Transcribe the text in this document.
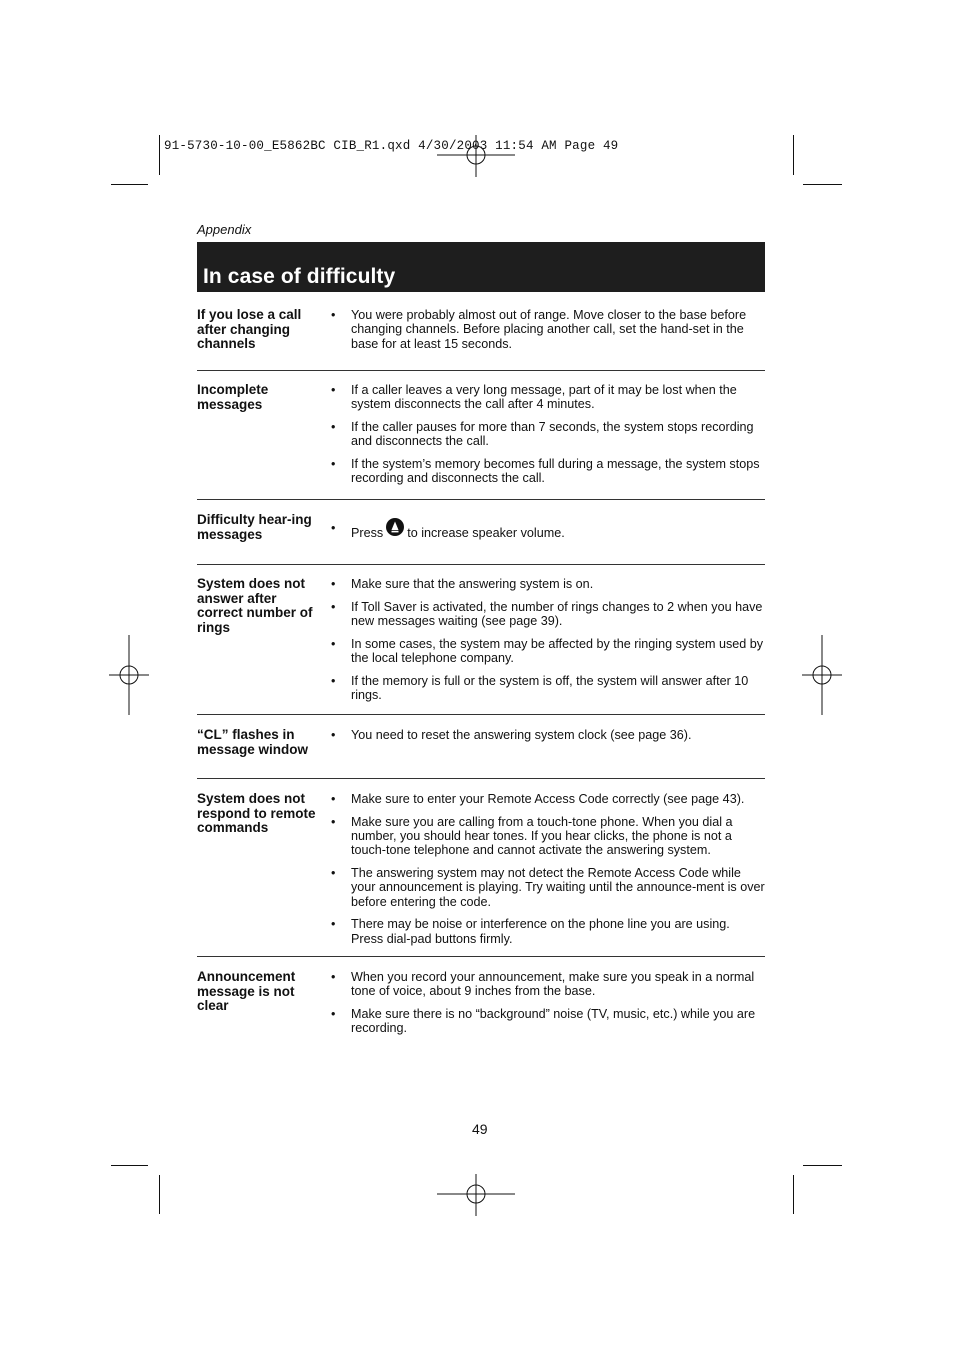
91-5730-10-00_E5862BC CIB_R1.qxd 4/30/2003 11:54 AM Page 49
Appendix
In case of difficulty
If you lose a call after changing channels
• You were probably almost out of range. Move closer to the base before changing channels. Before placing another call, set the hand-set in the base for at least 15 seconds.
Incomplete messages
• If a caller leaves a very long message, part of it may be lost when the system disconnects the call after 4 minutes.
• If the caller pauses for more than 7 seconds, the system stops recording and disconnects the call.
• If the system’s memory becomes full during a message, the system stops recording and disconnects the call.
Difficulty hear-ing messages	• Press to increase speaker volume.
System does not answer after correct number of rings
• Make sure that the answering system is on.
• If Toll Saver is activated, the number of rings changes to 2 when you have new messages waiting (see page 39).
• In some cases, the system may be affected by the ringing system used by the local telephone company.
• If the memory is full or the system is off, the system will answer after 10 rings.
“CL” flashes in message window
• You need to reset the answering system clock (see page 36).
System does not respond to remote commands
• Make sure to enter your Remote Access Code correctly (see page 43).
• Make sure you are calling from a touch-tone phone. When you dial a number, you should hear tones. If you hear clicks, the phone is not a touch-tone telephone and cannot activate the answering system.
• The answering system may not detect the Remote Access Code while your announcement is playing. Try waiting until the announce-ment is over before entering the code.
• There may be noise or interference on the phone line you are using. Press dial-pad buttons firmly.
Announcement message is not clear
• When you record your announcement, make sure you speak in a normal tone of voice, about 9 inches from the base.
• Make sure there is no “background” noise (TV, music, etc.) while you are recording.
49
